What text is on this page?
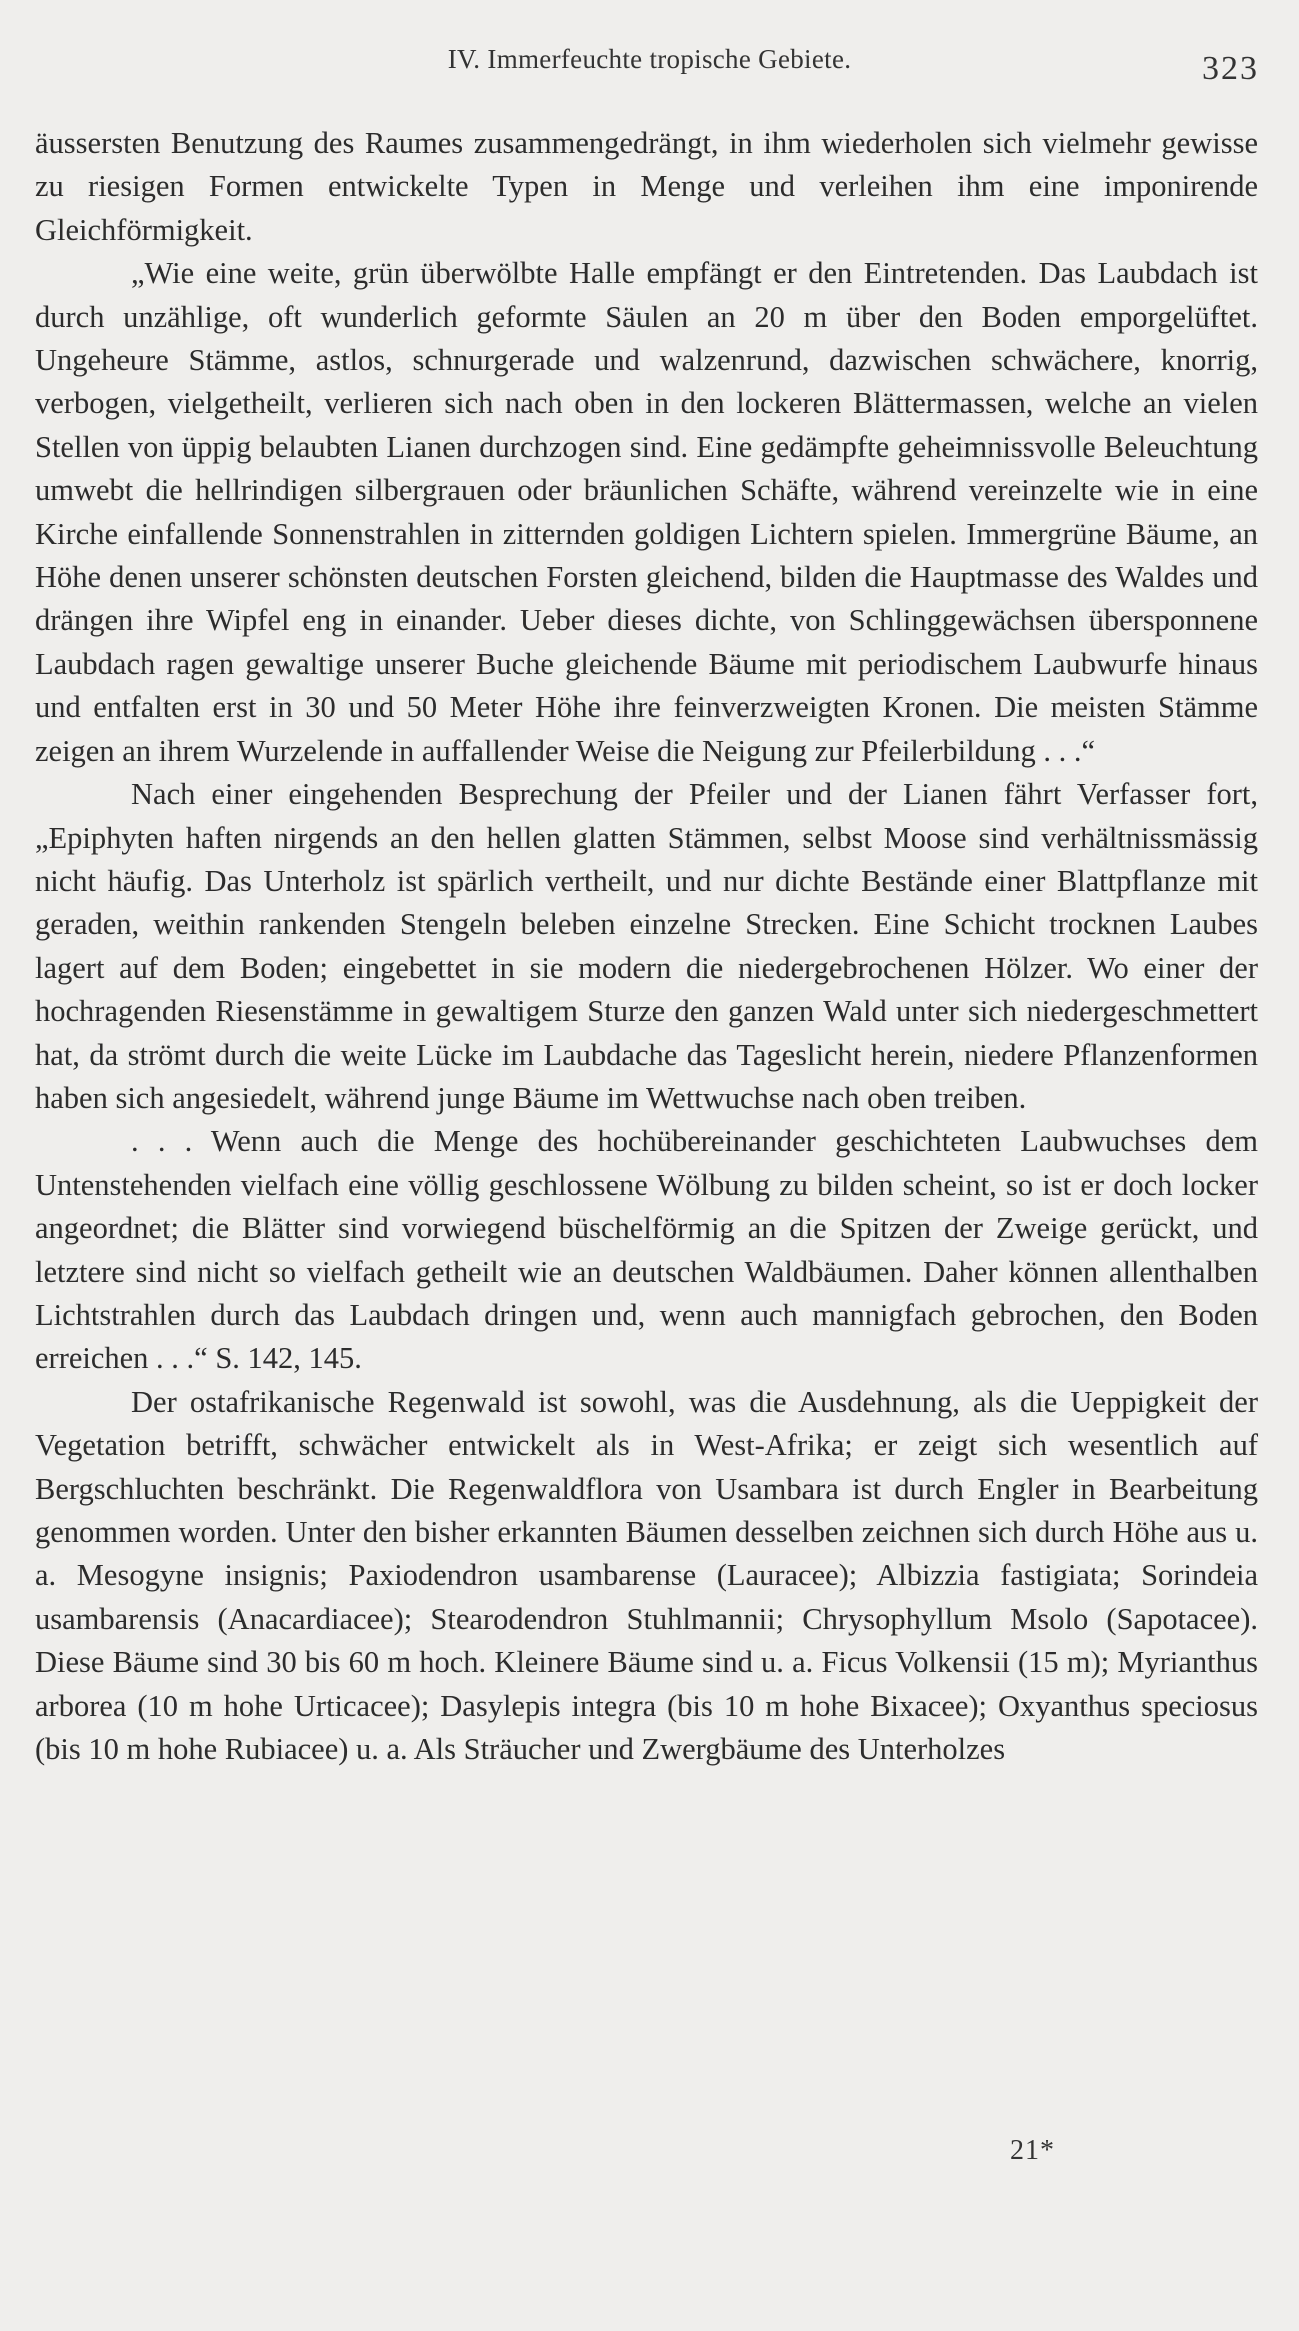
IV. Immerfeuchte tropische Gebiete.	323

äussersten Benutzung des Raumes zusammengedrängt, in ihm wiederholen sich vielmehr gewisse zu riesigen Formen entwickelte Typen in Menge und verleihen ihm eine imponirende Gleichförmigkeit.

„Wie eine weite, grün überwölbte Halle empfängt er den Eintretenden. Das Laubdach ist durch unzählige, oft wunderlich geformte Säulen an 20 m über den Boden emporgelüftet. Ungeheure Stämme, astlos, schnurgerade und walzenrund, dazwischen schwächere, knorrig, verbogen, vielgetheilt, verlieren sich nach oben in den lockeren Blättermassen, welche an vielen Stellen von üppig belaubten Lianen durchzogen sind. Eine gedämpfte geheimnissvolle Beleuchtung umwebt die hellrindigen silbergrauen oder bräunlichen Schäfte, während vereinzelte wie in eine Kirche einfallende Sonnenstrahlen in zitternden goldigen Lichtern spielen. Immergrüne Bäume, an Höhe denen unserer schönsten deutschen Forsten gleichend, bilden die Hauptmasse des Waldes und drängen ihre Wipfel eng in einander. Ueber dieses dichte, von Schlinggewächsen übersponnene Laubdach ragen gewaltige unserer Buche gleichende Bäume mit periodischem Laubwurfe hinaus und entfalten erst in 30 und 50 Meter Höhe ihre feinverzweigten Kronen. Die meisten Stämme zeigen an ihrem Wurzelende in auffallender Weise die Neigung zur Pfeilerbildung . . .“

Nach einer eingehenden Besprechung der Pfeiler und der Lianen fährt Verfasser fort, „Epiphyten haften nirgends an den hellen glatten Stämmen, selbst Moose sind verhältnissmässig nicht häufig. Das Unterholz ist spärlich vertheilt, und nur dichte Bestände einer Blattpflanze mit geraden, weithin rankenden Stengeln beleben einzelne Strecken. Eine Schicht trocknen Laubes lagert auf dem Boden; eingebettet in sie modern die niedergebrochenen Hölzer. Wo einer der hochragenden Riesenstämme in gewaltigem Sturze den ganzen Wald unter sich niedergeschmettert hat, da strömt durch die weite Lücke im Laubdache das Tageslicht herein, niedere Pflanzenformen haben sich angesiedelt, während junge Bäume im Wettwuchse nach oben treiben.

. . . Wenn auch die Menge des hochübereinander geschichteten Laubwuchses dem Untenstehenden vielfach eine völlig geschlossene Wölbung zu bilden scheint, so ist er doch locker angeordnet; die Blätter sind vorwiegend büschelförmig an die Spitzen der Zweige gerückt, und letztere sind nicht so vielfach getheilt wie an deutschen Waldbäumen. Daher können allenthalben Lichtstrahlen durch das Laubdach dringen und, wenn auch mannigfach gebrochen, den Boden erreichen . . .“ S. 142, 145.

Der ostafrikanische Regenwald ist sowohl, was die Ausdehnung, als die Ueppigkeit der Vegetation betrifft, schwächer entwickelt als in West-Afrika; er zeigt sich wesentlich auf Bergschluchten beschränkt. Die Regenwaldflora von Usambara ist durch Engler in Bearbeitung genommen worden. Unter den bisher erkannten Bäumen desselben zeichnen sich durch Höhe aus u. a. Mesogyne insignis; Paxiodendron usambarense (Lauracee); Albizzia fastigiata; Sorindeia usambarensis (Anacardiacee); Stearodendron Stuhlmannii; Chrysophyllum Msolo (Sapotacee). Diese Bäume sind 30 bis 60 m hoch. Kleinere Bäume sind u. a. Ficus Volkensii (15 m); Myrianthus arborea (10 m hohe Urticacee); Dasylepis integra (bis 10 m hohe Bixacee); Oxyanthus speciosus (bis 10 m hohe Rubiacee) u. a. Als Sträucher und Zwergbäume des Unterholzes

21*
